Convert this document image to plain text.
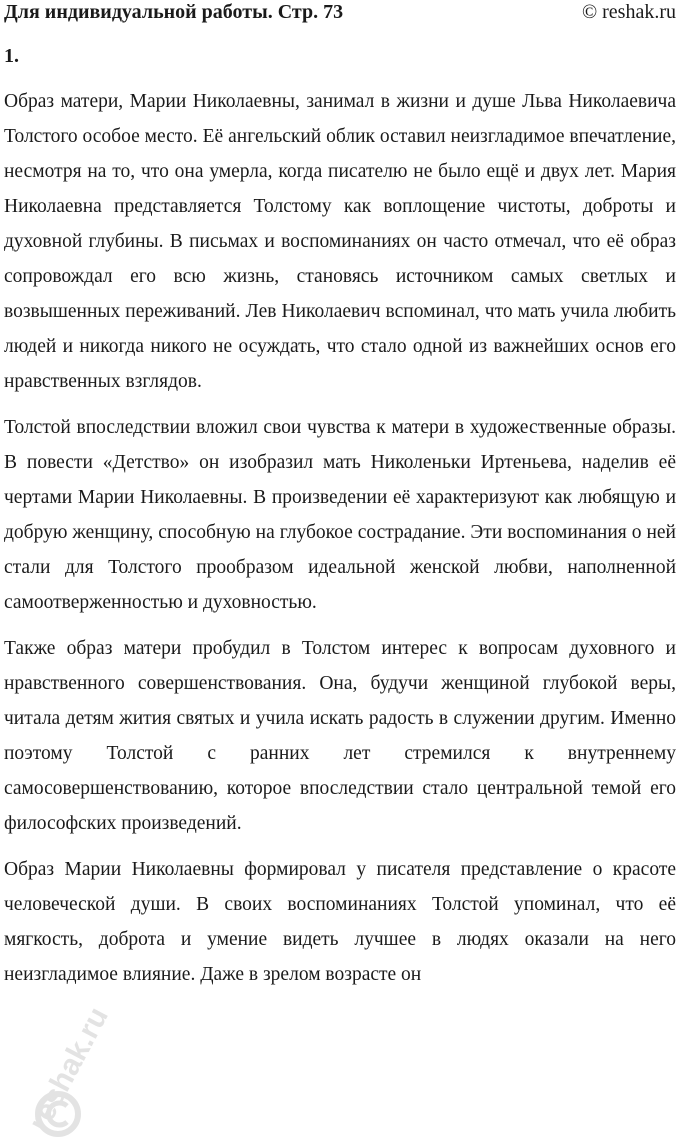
Для индивидуальной работы. Стр. 73	© reshak.ru
1.

Образ матери, Марии Николаевны, занимал в жизни и душе Льва Николаевича Толстого особое место. Её ангельский облик оставил неизгладимое впечатление, несмотря на то, что она умерла, когда писателю не было ещё и двух лет. Мария Николаевна представляется Толстому как воплощение чистоты, доброты и духовной глубины. В письмах и воспоминаниях он часто отмечал, что её образ сопровождал его всю жизнь, становясь источником самых светлых и возвышенных переживаний. Лев Николаевич вспоминал, что мать учила любить людей и никогда никого не осуждать, что стало одной из важнейших основ его нравственных взглядов.

Толстой впоследствии вложил свои чувства к матери в художественные образы. В повести «Детство» он изобразил мать Николеньки Иртеньева, наделив её чертами Марии Николаевны. В произведении её характеризуют как любящую и добрую женщину, способную на глубокое сострадание. Эти воспоминания о ней стали для Толстого прообразом идеальной женской любви, наполненной самоотверженностью и духовностью.

Также образ матери пробудил в Толстом интерес к вопросам духовного и нравственного совершенствования. Она, будучи женщиной глубокой веры, читала детям жития святых и учила искать радость в служении другим. Именно поэтому Толстой с ранних лет стремился к внутреннему самосовершенствованию, которое впоследствии стало центральной темой его философских произведений.

Образ Марии Николаевны формировал у писателя представление о красоте человеческой души. В своих воспоминаниях Толстой упоминал, что её мягкость, доброта и умение видеть лучшее в людях оказали на него неизгладимое влияние. Даже в зрелом возрасте он

reshak.ru
